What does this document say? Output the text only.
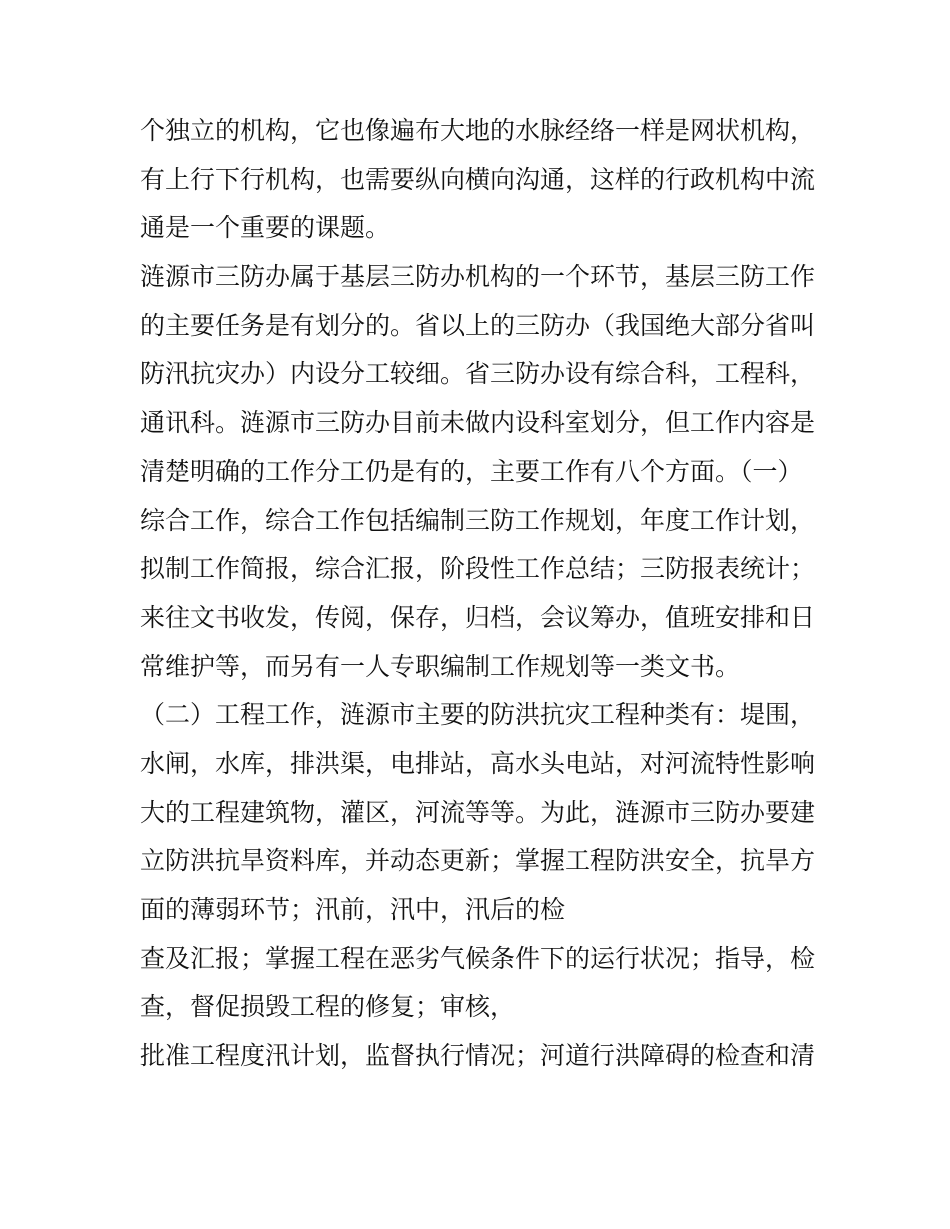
个独立的机构，它也像遍布大地的水脉经络一样是网状机构，
有上行下行机构，也需要纵向横向沟通，这样的行政机构中流
通是一个重要的课题。
涟源市三防办属于基层三防办机构的一个环节，基层三防工作
的主要任务是有划分的。省以上的三防办（我国绝大部分省叫
防汛抗灾办）内设分工较细。省三防办设有综合科，工程科，
通讯科。涟源市三防办目前未做内设科室划分，但工作内容是
清楚明确的工作分工仍是有的，主要工作有八个方面。（一）
综合工作，综合工作包括编制三防工作规划，年度工作计划，
拟制工作简报，综合汇报，阶段性工作总结；三防报表统计；
来往文书收发，传阅，保存，归档，会议筹办，值班安排和日
常维护等，而另有一人专职编制工作规划等一类文书。
（二）工程工作，涟源市主要的防洪抗灾工程种类有：堤围，
水闸，水库，排洪渠，电排站，高水头电站，对河流特性影响
大的工程建筑物，灌区，河流等等。为此，涟源市三防办要建
立防洪抗旱资料库，并动态更新；掌握工程防洪安全，抗旱方
面的薄弱环节；汛前，汛中，汛后的检
查及汇报；掌握工程在恶劣气候条件下的运行状况；指导，检
查，督促损毁工程的修复；审核，
批准工程度汛计划，监督执行情况；河道行洪障碍的检查和清
